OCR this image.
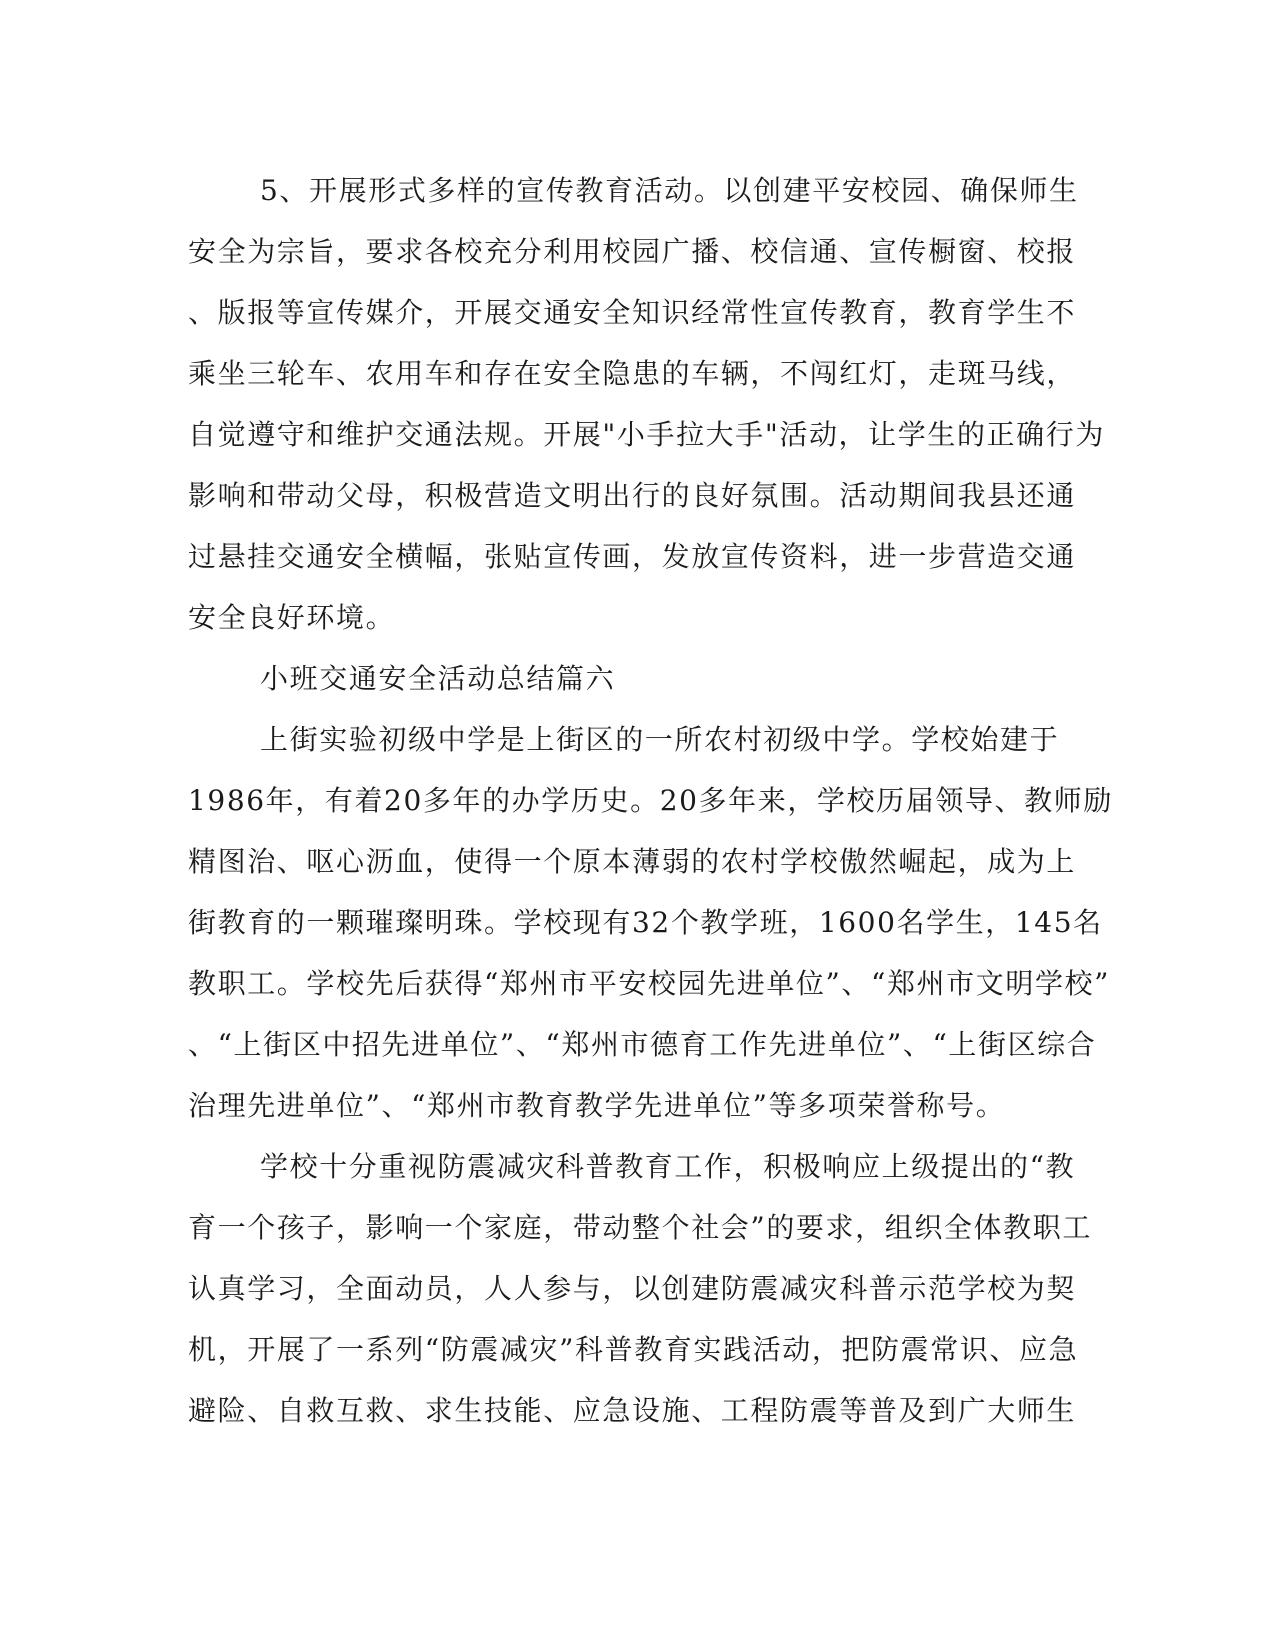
5、开展形式多样的宣传教育活动。以创建平安校园、确保师生
安全为宗旨，要求各校充分利用校园广播、校信通、宣传橱窗、校报
、版报等宣传媒介，开展交通安全知识经常性宣传教育，教育学生不
乘坐三轮车、农用车和存在安全隐患的车辆，不闯红灯，走斑马线，
自觉遵守和维护交通法规。开展"小手拉大手"活动，让学生的正确行为
影响和带动父母，积极营造文明出行的良好氛围。活动期间我县还通
过悬挂交通安全横幅，张贴宣传画，发放宣传资料，进一步营造交通
安全良好环境。
小班交通安全活动总结篇六
上街实验初级中学是上街区的一所农村初级中学。学校始建于
1986年，有着20多年的办学历史。20多年来，学校历届领导、教师励
精图治、呕心沥血，使得一个原本薄弱的农村学校傲然崛起，成为上
街教育的一颗璀璨明珠。学校现有32个教学班，1600名学生，145名
教职工。学校先后获得“郑州市平安校园先进单位”、“郑州市文明学校”
、“上街区中招先进单位”、“郑州市德育工作先进单位”、“上街区综合
治理先进单位”、“郑州市教育教学先进单位”等多项荣誉称号。
学校十分重视防震减灾科普教育工作，积极响应上级提出的“教
育一个孩子，影响一个家庭，带动整个社会”的要求，组织全体教职工
认真学习，全面动员，人人参与，以创建防震减灾科普示范学校为契
机，开展了一系列“防震减灾”科普教育实践活动，把防震常识、应急
避险、自救互救、求生技能、应急设施、工程防震等普及到广大师生
